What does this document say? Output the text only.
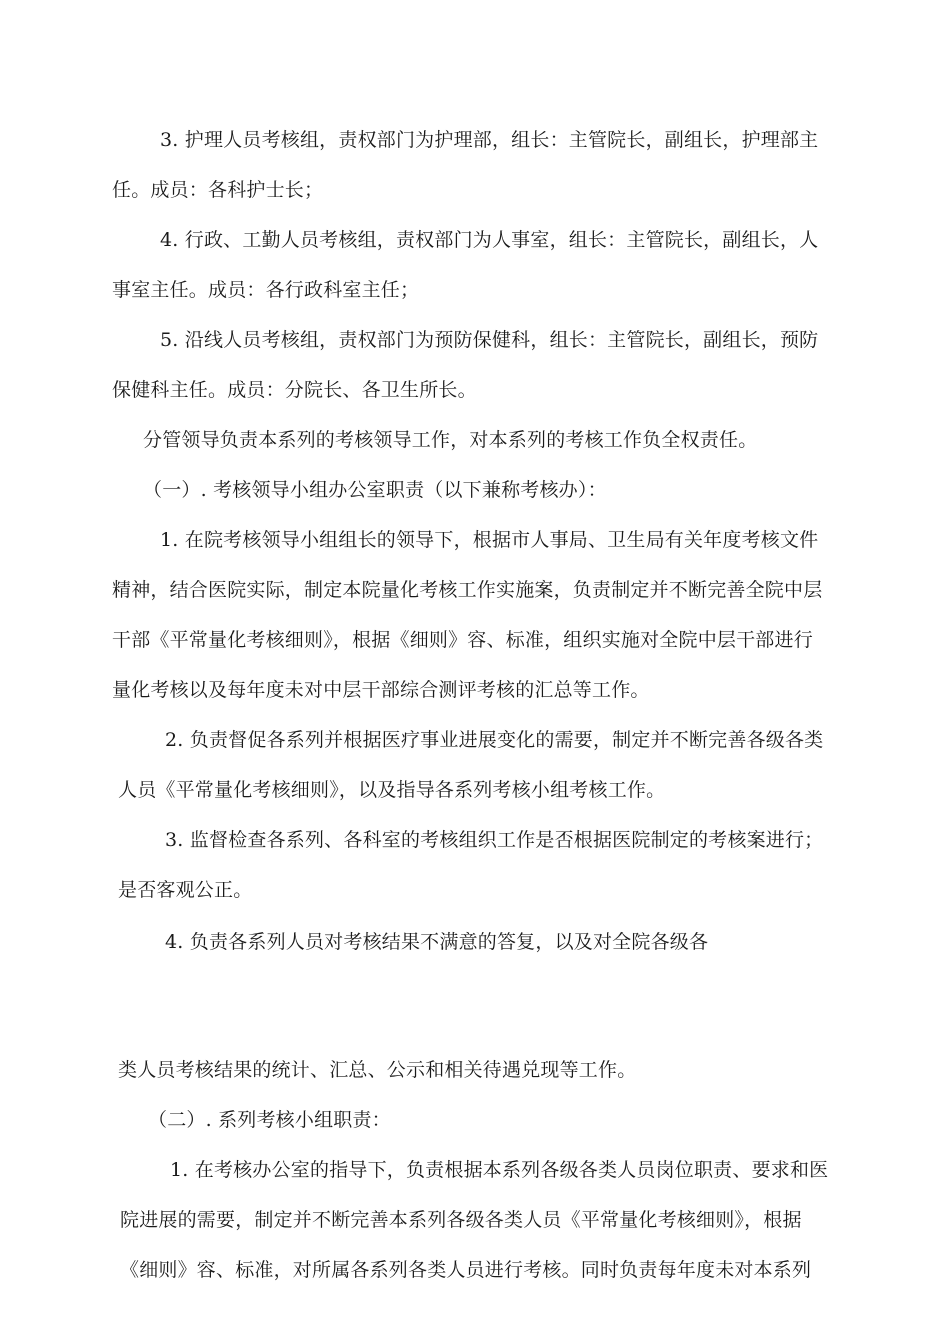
3. 护理人员考核组，责权部门为护理部，组长：主管院长，副组长，护理部主
任。成员：各科护士长；
4. 行政、工勤人员考核组，责权部门为人事室，组长：主管院长，副组长，人
事室主任。成员：各行政科室主任；
5. 沿线人员考核组，责权部门为预防保健科，组长：主管院长，副组长，预防
保健科主任。成员：分院长、各卫生所长。
分管领导负责本系列的考核领导工作，对本系列的考核工作负全权责任。
（一）. 考核领导小组办公室职责（以下兼称考核办）：
1. 在院考核领导小组组长的领导下，根据市人事局、卫生局有关年度考核文件
精神，结合医院实际，制定本院量化考核工作实施案，负责制定并不断完善全院中层
干部《平常量化考核细则》，根据《细则》容、标准，组织实施对全院中层干部进行
量化考核以及每年度未对中层干部综合测评考核的汇总等工作。
2. 负责督促各系列并根据医疗事业进展变化的需要，制定并不断完善各级各类
人员《平常量化考核细则》，以及指导各系列考核小组考核工作。
3. 监督检查各系列、各科室的考核组织工作是否根据医院制定的考核案进行；
是否客观公正。
4. 负责各系列人员对考核结果不满意的答复，以及对全院各级各
类人员考核结果的统计、汇总、公示和相关待遇兑现等工作。
（二）. 系列考核小组职责：
1. 在考核办公室的指导下，负责根据本系列各级各类人员岗位职责、要求和医
院进展的需要，制定并不断完善本系列各级各类人员《平常量化考核细则》，根据
《细则》容、标准，对所属各系列各类人员进行考核。同时负责每年度未对本系列
